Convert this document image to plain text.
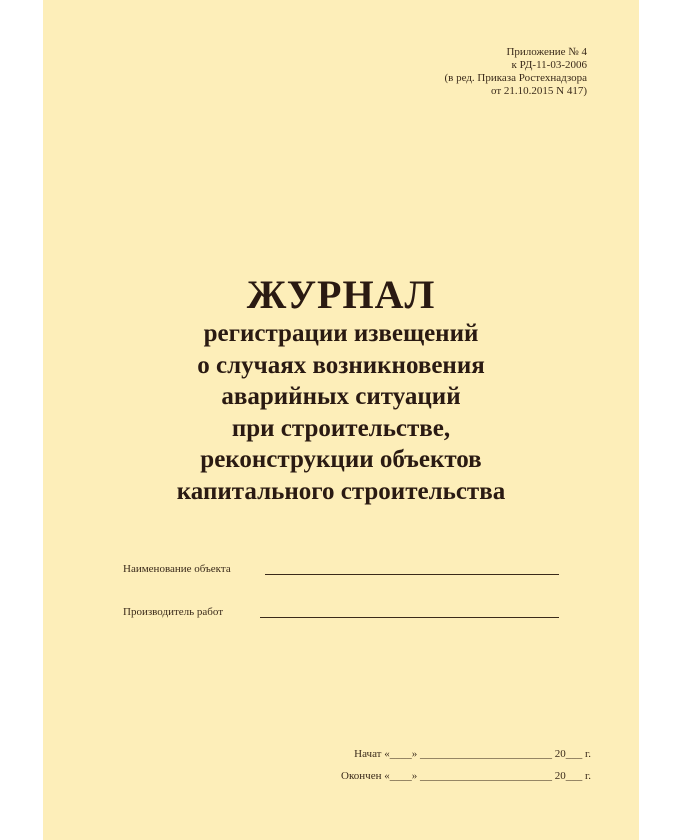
Приложение № 4
к РД-11-03-2006
(в ред. Приказа Ростехнадзора
от 21.10.2015 N 417)
ЖУРНАЛ
регистрации извещений
о случаях возникновения
аварийных ситуаций
при строительстве,
реконструкции объектов
капитального строительства
Наименование объекта
Производитель работ
Начат «____» ________________________ 20___ г.
Окончен «____» ________________________ 20___ г.
